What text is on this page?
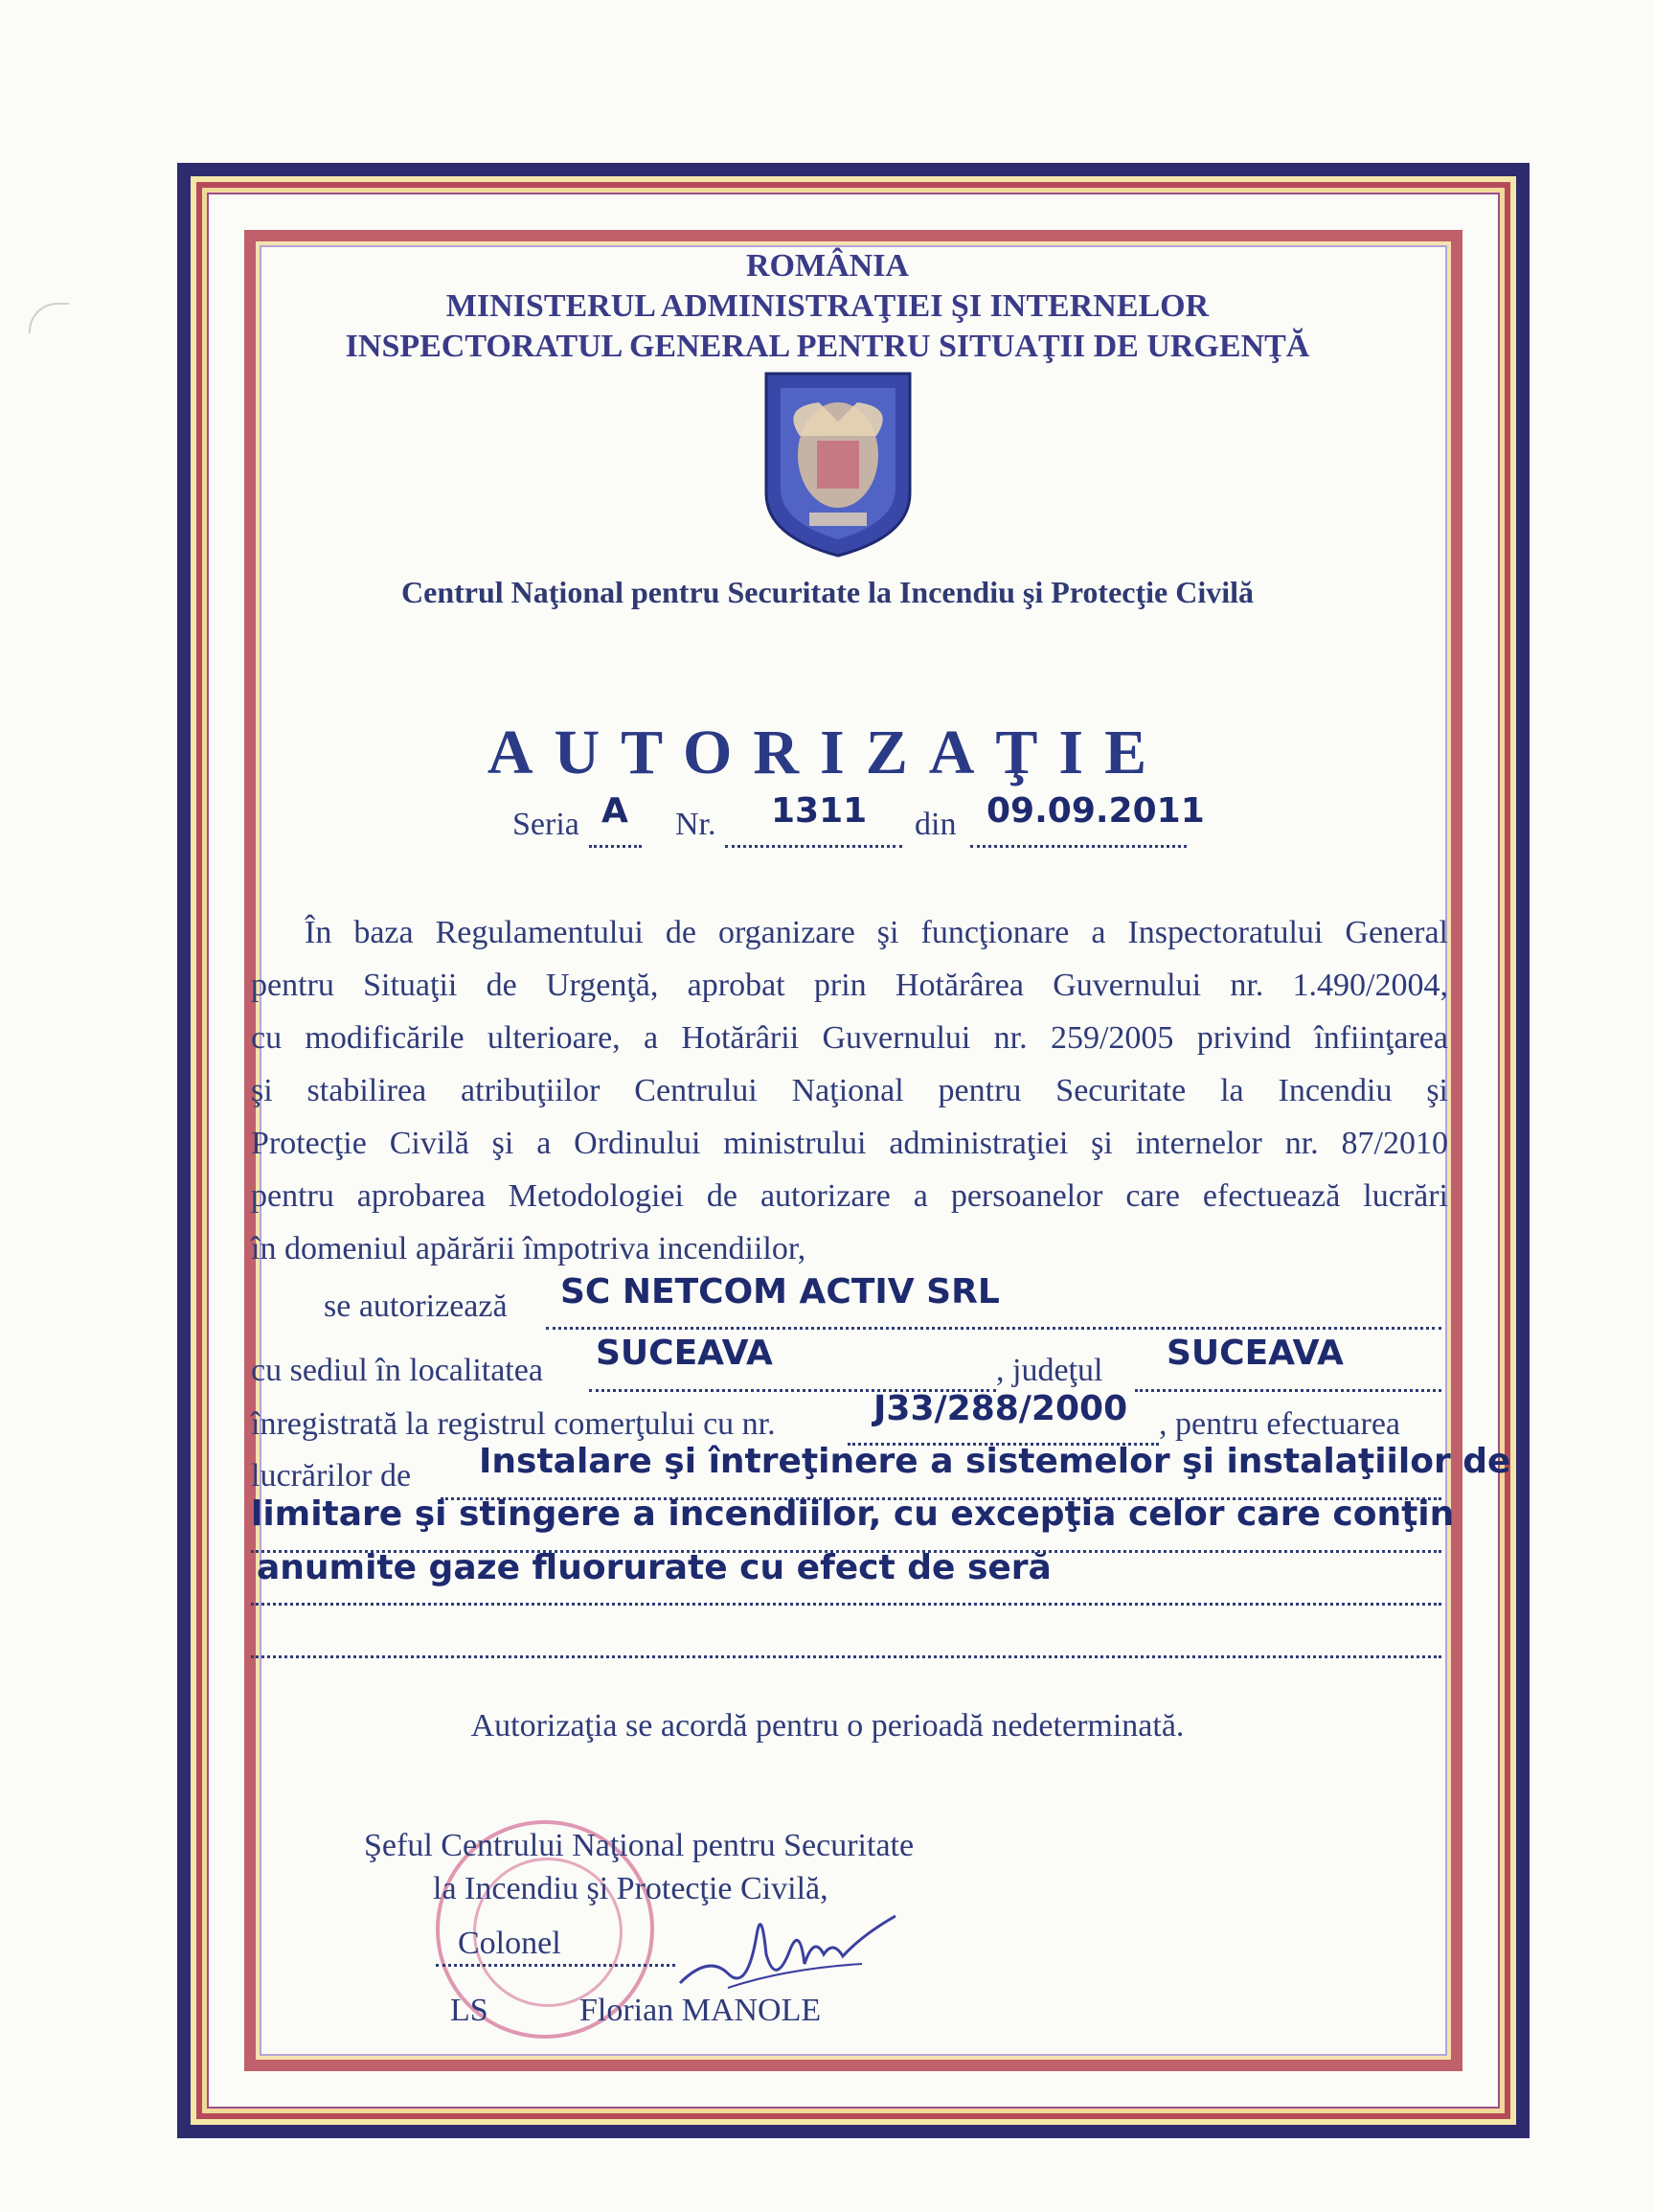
ROMÂNIA
MINISTERUL ADMINISTRAŢIEI ŞI INTERNELOR
INSPECTORATUL GENERAL PENTRU SITUAŢII DE URGENŢĂ
Centrul Naţional pentru Securitate la Incendiu şi Protecţie Civilă
AUTORIZAŢIE
Seria A Nr. 1311 din 09.09.2011
În baza Regulamentului de organizare şi funcţionare a Inspectoratului General
pentru Situaţii de Urgenţă, aprobat prin Hotărârea Guvernului nr. 1.490/2004,
cu modificările ulterioare, a Hotărârii Guvernului nr. 259/2005 privind înfiinţarea
şi stabilirea atribuţiilor Centrului Naţional pentru Securitate la Incendiu şi
Protecţie Civilă şi a Ordinului ministrului administraţiei şi internelor nr. 87/2010
pentru aprobarea Metodologiei de autorizare a persoanelor care efectuează lucrări
în domeniul apărării împotriva incendiilor,
se autorizează	SC NETCOM ACTIV SRL
cu sediul în localitatea	SUCEAVA	, judeţul	SUCEAVA
înregistrată la registrul comerţului cu nr.	J33/288/2000 , pentru efectuarea
lucrărilor de	Instalare şi întreţinere a sistemelor şi instalaţiilor de
limitare şi stingere a incendiilor, cu excepţia celor care conţin
anumite gaze fluorurate cu efect de seră
Autorizaţia se acordă pentru o perioadă nedeterminată.
Şeful Centrului Naţional pentru Securitate
la Incendiu şi Protecţie Civilă,
Colonel
LS	Florian MANOLE
